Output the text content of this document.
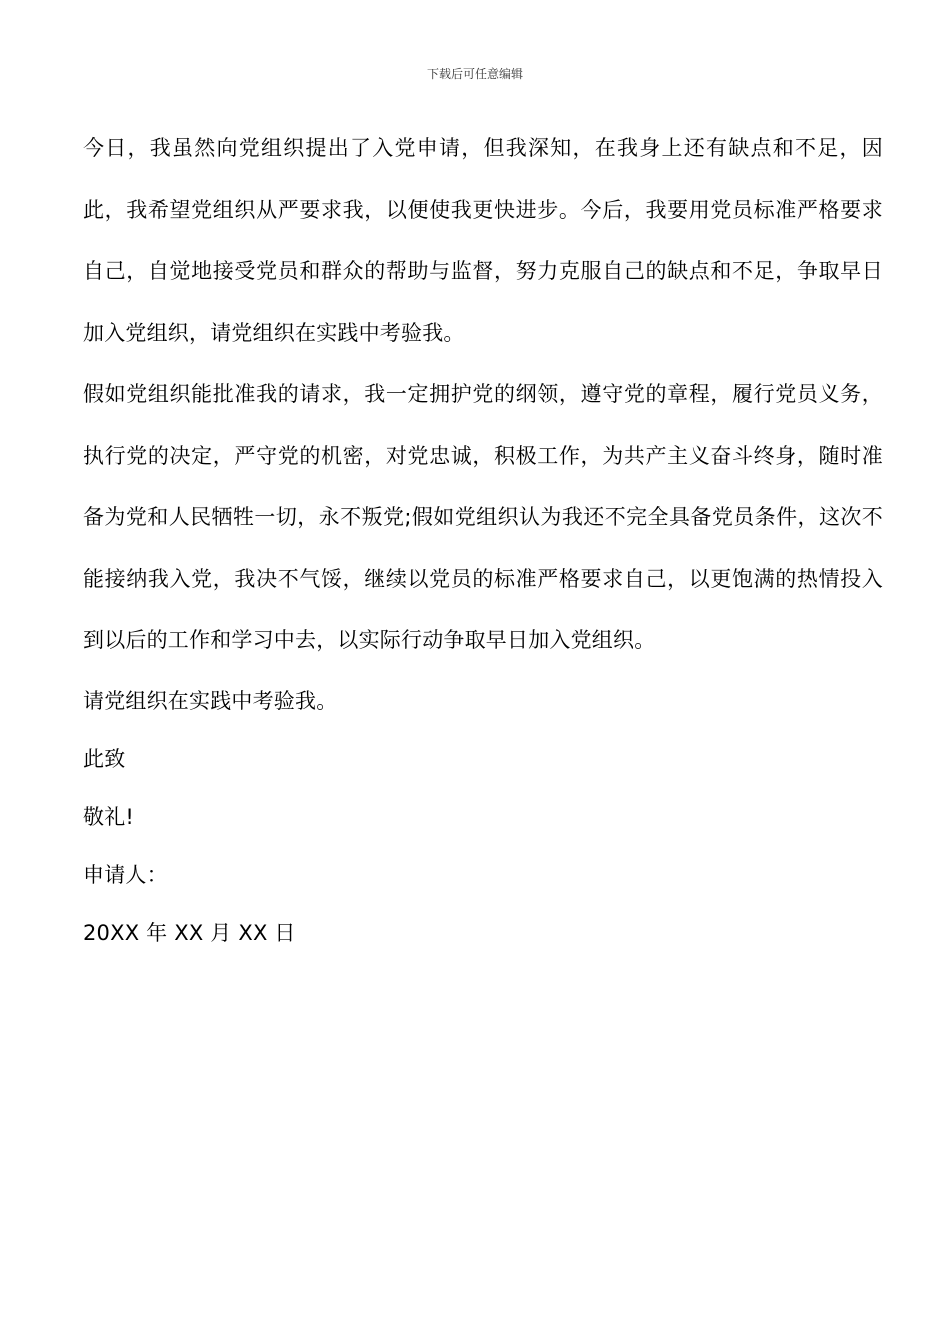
下载后可任意编辑

今日，我虽然向党组织提出了入党申请，但我深知，在我身上还有缺点和不足，因此，我希望党组织从严要求我，以便使我更快进步。今后，我要用党员标准严格要求自己，自觉地接受党员和群众的帮助与监督，努力克服自己的缺点和不足，争取早日加入党组织，请党组织在实践中考验我。

假如党组织能批准我的请求，我一定拥护党的纲领，遵守党的章程，履行党员义务，执行党的决定，严守党的机密，对党忠诚，积极工作，为共产主义奋斗终身，随时准备为党和人民牺牲一切，永不叛党;假如党组织认为我还不完全具备党员条件，这次不能接纳我入党，我决不气馁，继续以党员的标准严格要求自己，以更饱满的热情投入到以后的工作和学习中去，以实际行动争取早日加入党组织。

请党组织在实践中考验我。

此致

敬礼!

申请人：

20XX 年 XX 月 XX 日
